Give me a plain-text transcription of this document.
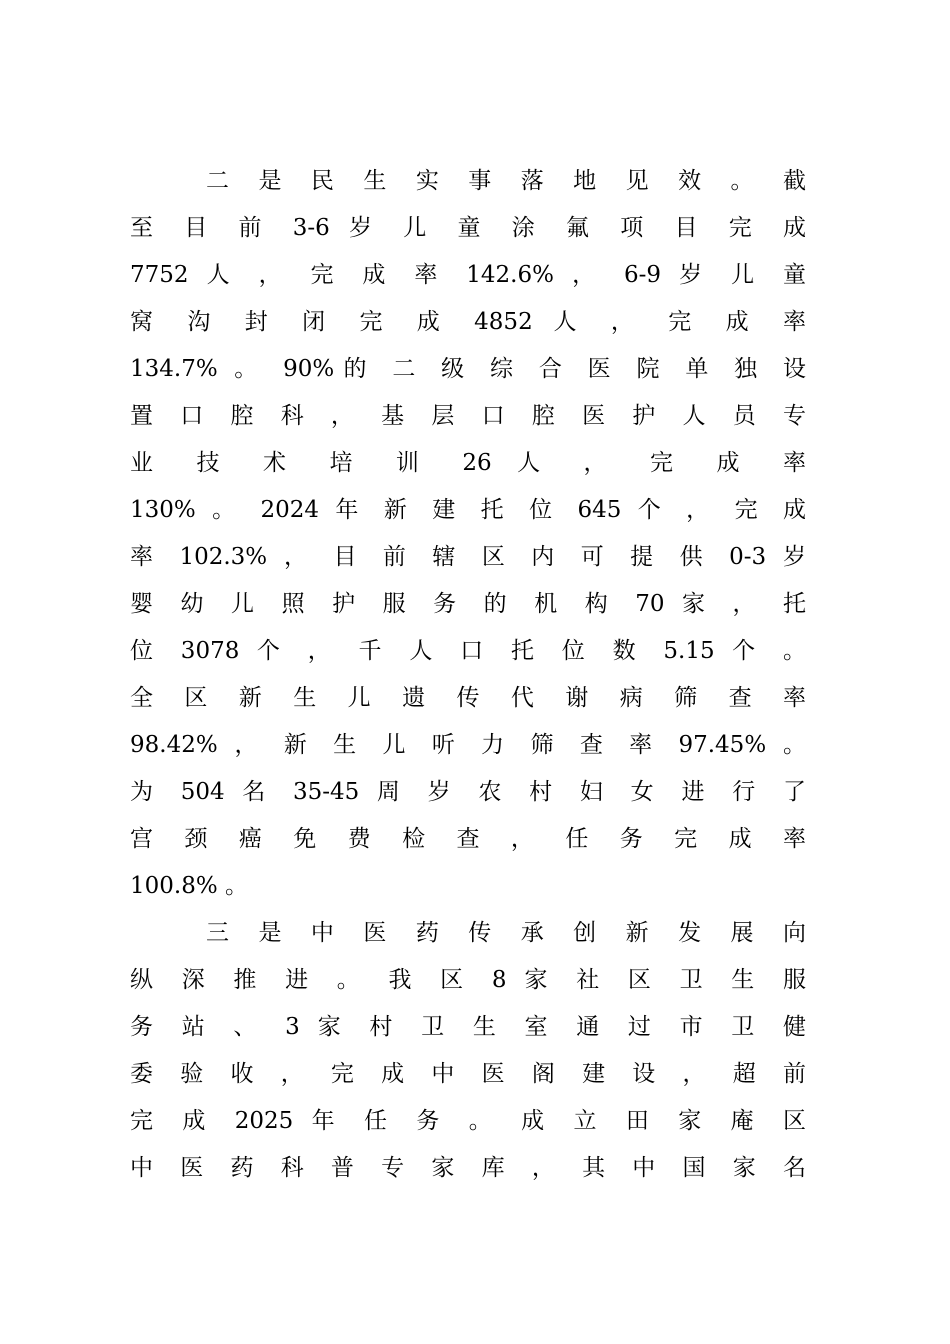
二 是 民 生 实 事 落 地 见 效 。 截
至 目 前 3-6 岁 儿 童 涂 氟 项 目 完 成
7752 人 ， 完 成 率 142.6% ， 6-9 岁 儿 童
窝 沟 封 闭 完 成 4852 人 ， 完 成 率
134.7% 。 90%的 二 级 综 合 医 院 单 独 设
置 口 腔 科 ， 基 层 口 腔 医 护 人 员 专
业 技 术 培 训 26 人 ， 完 成 率
130% 。 2024 年 新 建 托 位 645 个 ， 完 成
率 102.3% ， 目 前 辖 区 内 可 提 供 0-3 岁
婴 幼 儿 照 护 服 务 的 机 构 70 家 ， 托
位 3078 个 ， 千 人 口 托 位 数 5.15 个 。
全 区 新 生 儿 遗 传 代 谢 病 筛 查 率
98.42% ， 新 生 儿 听 力 筛 查 率 97.45% 。
为 504 名 35-45 周 岁 农 村 妇 女 进 行 了
宫 颈 癌 免 费 检 查 ， 任 务 完 成 率
100.8% 。
三 是 中 医 药 传 承 创 新 发 展 向
纵 深 推 进 。 我 区 8 家 社 区 卫 生 服
务 站 、 3 家 村 卫 生 室 通 过 市 卫 健
委 验 收 ， 完 成 中 医 阁 建 设 ， 超 前
完 成 2025 年 任 务 。 成 立 田 家 庵 区
中 医 药 科 普 专 家 库 ， 其 中 国 家 名
